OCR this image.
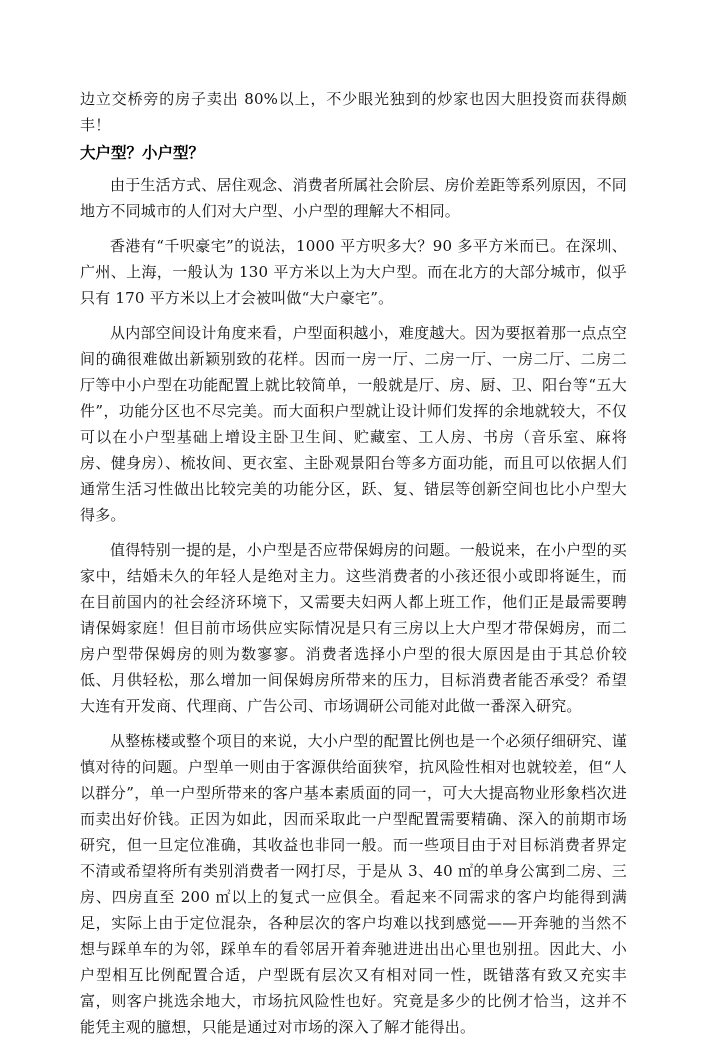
边立交桥旁的房子卖出 80%以上，不少眼光独到的炒家也因大胆投资而获得颇丰！

大户型？小户型？

由于生活方式、居住观念、消费者所属社会阶层、房价差距等系列原因，不同地方不同城市的人们对大户型、小户型的理解大不相同。

香港有“千呎豪宅”的说法，1000 平方呎多大？90 多平方米而已。在深圳、广州、上海，一般认为 130 平方米以上为大户型。而在北方的大部分城市，似乎只有 170 平方米以上才会被叫做“大户豪宅”。

从内部空间设计角度来看，户型面积越小，难度越大。因为要抠着那一点点空间的确很难做出新颖别致的花样。因而一房一厅、二房一厅、一房二厅、二房二厅等中小户型在功能配置上就比较简单，一般就是厅、房、厨、卫、阳台等“五大件”，功能分区也不尽完美。而大面积户型就让设计师们发挥的余地就较大，不仅可以在小户型基础上增设主卧卫生间、贮藏室、工人房、书房（音乐室、麻将房、健身房）、梳妆间、更衣室、主卧观景阳台等多方面功能，而且可以依据人们通常生活习性做出比较完美的功能分区，跃、复、错层等创新空间也比小户型大得多。

值得特别一提的是，小户型是否应带保姆房的问题。一般说来，在小户型的买家中，结婚未久的年轻人是绝对主力。这些消费者的小孩还很小或即将诞生，而在目前国内的社会经济环境下，又需要夫妇两人都上班工作，他们正是最需要聘请保姆家庭！但目前市场供应实际情况是只有三房以上大户型才带保姆房，而二房户型带保姆房的则为数寥寥。消费者选择小户型的很大原因是由于其总价较低、月供轻松，那么增加一间保姆房所带来的压力，目标消费者能否承受？希望大连有开发商、代理商、广告公司、市场调研公司能对此做一番深入研究。

从整栋楼或整个项目的来说，大小户型的配置比例也是一个必须仔细研究、谨慎对待的问题。户型单一则由于客源供给面狭窄，抗风险性相对也就较差，但“人以群分”，单一户型所带来的客户基本素质面的同一，可大大提高物业形象档次进而卖出好价钱。正因为如此，因而采取此一户型配置需要精确、深入的前期市场研究，但一旦定位准确，其收益也非同一般。而一些项目由于对目标消费者界定不清或希望将所有类别消费者一网打尽，于是从 3、40 ㎡的单身公寓到二房、三房、四房直至 200 ㎡以上的复式一应俱全。看起来不同需求的客户均能得到满足，实际上由于定位混杂，各种层次的客户均难以找到感觉——开奔驰的当然不想与踩单车的为邻，踩单车的看邻居开着奔驰进进出出心里也别扭。因此大、小户型相互比例配置合适，户型既有层次又有相对同一性，既错落有致又充实丰富，则客户挑选余地大，市场抗风险性也好。究竟是多少的比例才恰当，这并不能凭主观的臆想，只能是通过对市场的深入了解才能得出。
